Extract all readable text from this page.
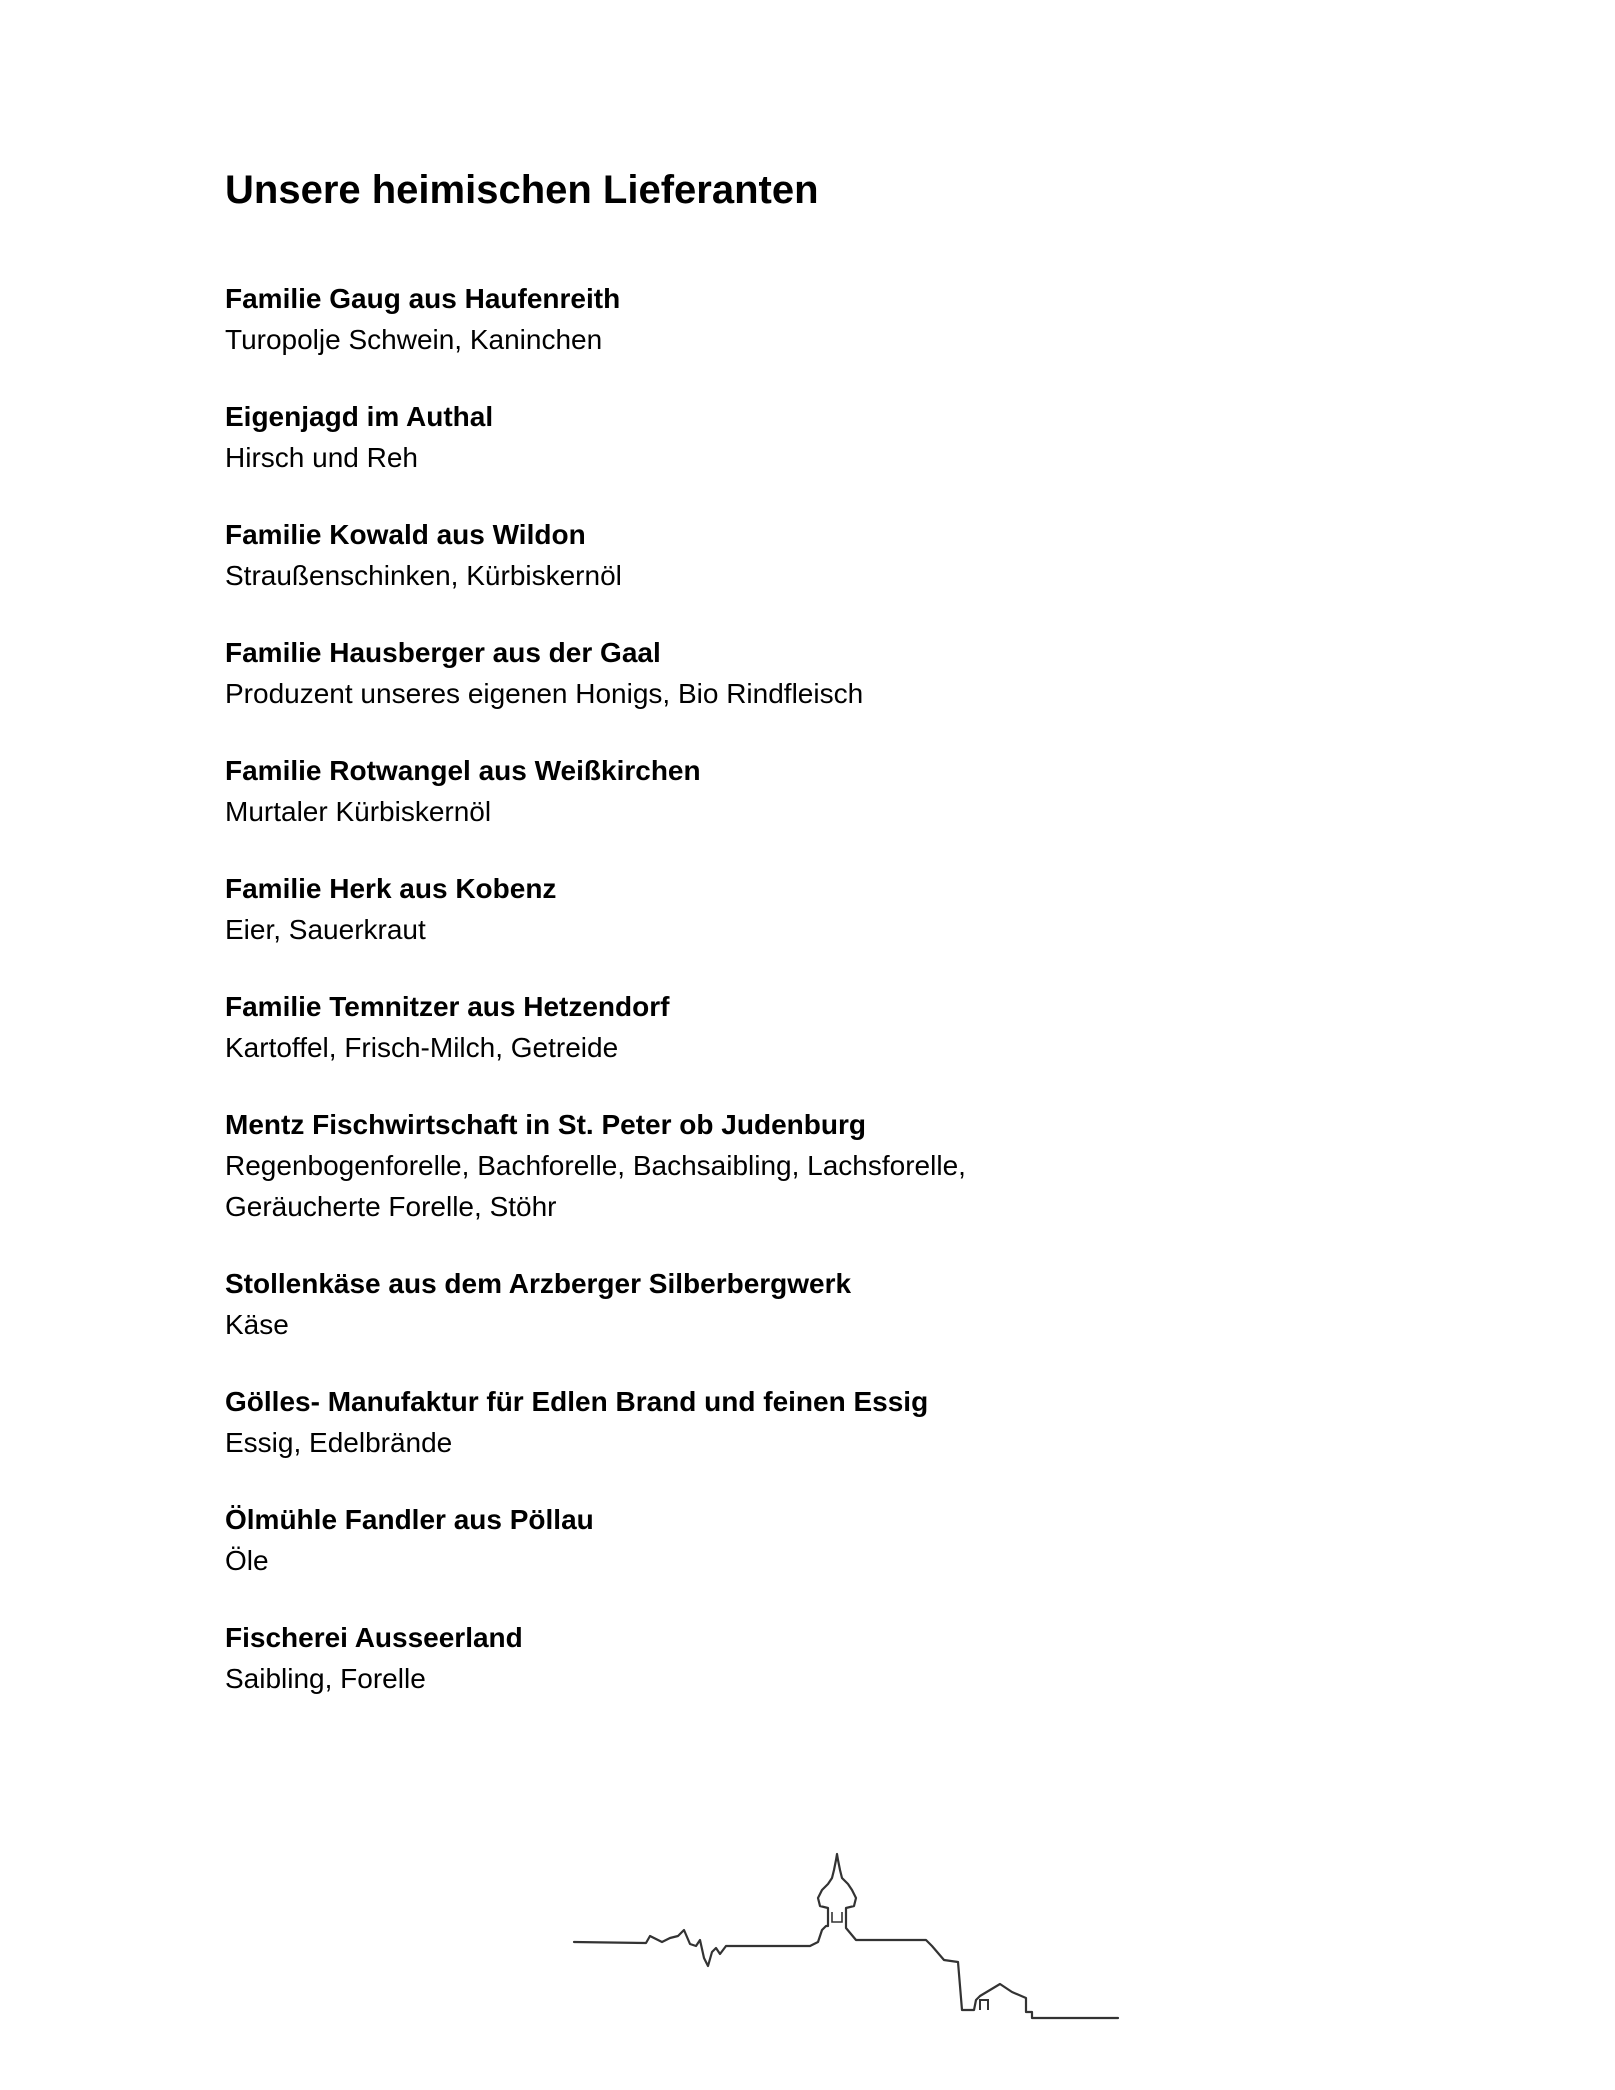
Unsere heimischen Lieferanten
Familie Gaug aus Haufenreith
Turopolje Schwein, Kaninchen
Eigenjagd im Authal
Hirsch und Reh
Familie Kowald aus Wildon
Straußenschinken, Kürbiskernöl
Familie Hausberger aus der Gaal
Produzent unseres eigenen Honigs, Bio Rindfleisch
Familie Rotwangel aus Weißkirchen
Murtaler Kürbiskernöl
Familie Herk aus Kobenz
Eier, Sauerkraut
Familie Temnitzer aus Hetzendorf
Kartoffel, Frisch-Milch, Getreide
Mentz Fischwirtschaft in St. Peter ob Judenburg
Regenbogenforelle, Bachforelle, Bachsaibling, Lachsforelle,
Geräucherte Forelle, Stöhr
Stollenkäse aus dem Arzberger Silberbergwerk
Käse
Gölles- Manufaktur für Edlen Brand und feinen Essig
Essig, Edelbrände
Ölmühle Fandler aus Pöllau
Öle
Fischerei Ausseerland
Saibling, Forelle
